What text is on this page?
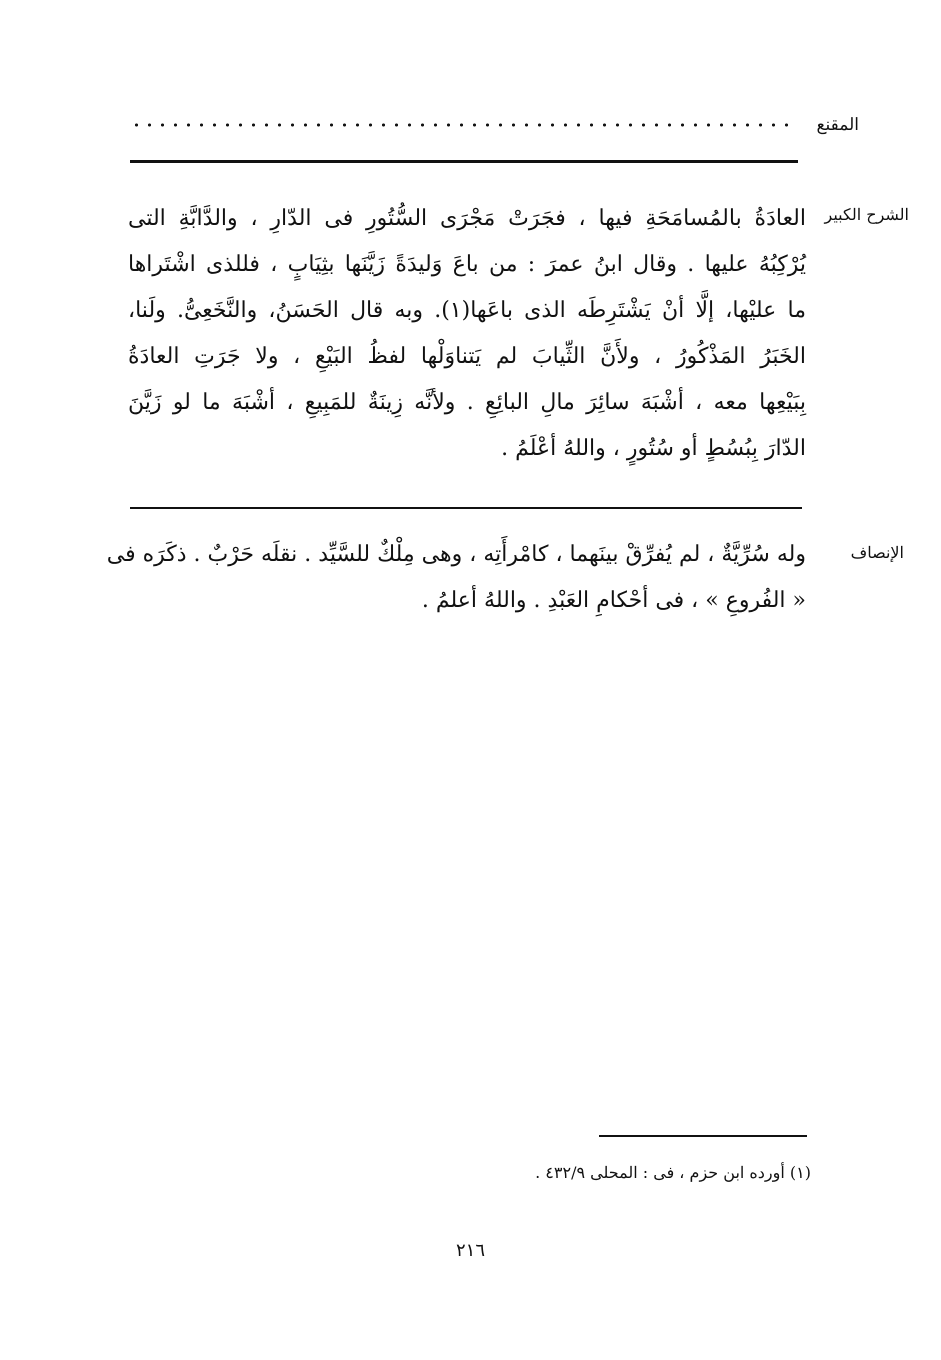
المقنع
الشرح الكبير
العادَةُ بالمُسامَحَةِ فيها ، فجَرَتْ مَجْرَى السُّتُورِ فى الدّارِ ، والدَّابَّةِ التى
يُرْكِبُهُ عليها . وقال ابنُ عمرَ : من باعَ وَليدَةً زَيَّنَها بثِيَابٍ ، فللذى اشْتَراها
ما عليْها، إلَّا أنْ يَشْتَرِطَه الذى باعَها(١). وبه قال الحَسَنُ، والنَّخَعِىُّ. ولَنا،
الخَبَرُ المَذْكُورُ ، ولأَنَّ الثِّيابَ لم يَتناوَلْها لفظُ البَيْعِ ، ولا جَرَتِ العادَةُ
بِبَيْعِها معه ، أشْبَهَ سائِرَ مالِ البائِعِ . ولأنَّه زِينَةٌ للمَبِيعِ ، أشْبَهَ ما لو زَيَّنَ
الدّارَ بِبُسُطٍ أو سُتُورٍ ، واللهُ أعْلَمُ .
الإنصاف
وله سُرِّيَّةٌ ، لم يُفرِّقْ بينَهما ، كامْرأَتِه ، وهى مِلْكٌ للسَّيِّد . نقلَه حَرْبٌ . ذكَرَه فى
« الفُروعِ » ، فى أحْكامِ العَبْدِ . واللهُ أعلمُ .
(١) أورده ابن حزم ، فى : المحلى ٤٣٢/٩ .
٢١٦
